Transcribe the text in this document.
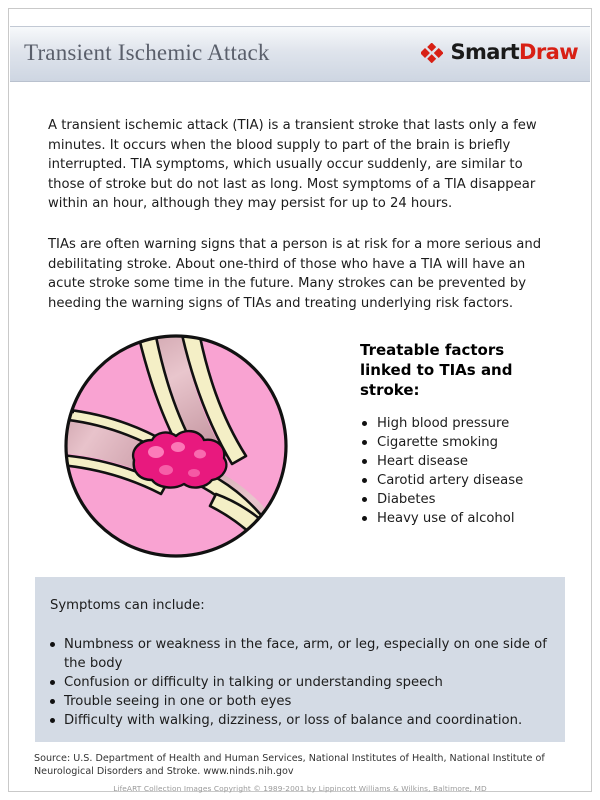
Transient Ischemic Attack	SmartDraw
A transient ischemic attack (TIA) is a transient stroke that lasts only a few minutes. It occurs when the blood supply to part of the brain is briefly interrupted. TIA symptoms, which usually occur suddenly, are similar to those of stroke but do not last as long. Most symptoms of a TIA disappear within an hour, although they may persist for up to 24 hours.
TIAs are often warning signs that a person is at risk for a more serious and debilitating stroke. About one-third of those who have a TIA will have an acute stroke some time in the future. Many strokes can be prevented by heeding the warning signs of TIAs and treating underlying risk factors.
Treatable factors linked to TIAs and stroke:
High blood pressure
Cigarette smoking
Heart disease
Carotid artery disease
Diabetes
Heavy use of alcohol
Symptoms can include:
Numbness or weakness in the face, arm, or leg, especially on one side of the body
Confusion or difficulty in talking or understanding speech
Trouble seeing in one or both eyes
Difficulty with walking, dizziness, or loss of balance and coordination.
Source: U.S. Department of Health and Human Services, National Institutes of Health, National Institute of Neurological Disorders and Stroke. www.ninds.nih.gov
LifeART Collection Images Copyright © 1989-2001 by Lippincott Williams & Wilkins, Baltimore, MD
